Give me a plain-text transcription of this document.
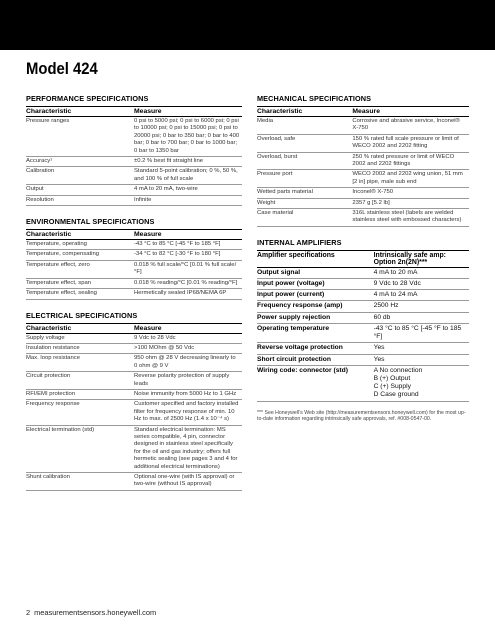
Model 424
PERFORMANCE SPECIFICATIONS
Characteristic	Measure
Pressure ranges	0 psi to 5000 psi; 0 psi to 6000 psi; 0 psi to 10000 psi; 0 psi to 15000 psi; 0 psi to 20000 psi; 0 bar to 350 bar; 0 bar to 400 bar; 0 bar to 700 bar; 0 bar to 1000 bar; 0 bar to 1350 bar
Accuracy¹	±0.2 % best fit straight line
Calibration	Standard 5-point calibration; 0 %, 50 %, and 100 % of full scale
Output	4 mA to 20 mA, two-wire
Resolution	Infinite
ENVIRONMENTAL SPECIFICATIONS
Characteristic	Measure
Temperature, operating	-43 °C to 85 °C [-45 °F to 185 °F]
Temperature, compensating	-34 °C to 82 °C [-30 °F to 180 °F]
Temperature effect, zero	0.018 % full scale/°C [0.01 % full scale/°F]
Temperature effect, span	0.018 % reading/°C [0.01 % reading/°F]
Temperature effect, sealing	Hermetically sealed IP68/NEMA 6P
ELECTRICAL SPECIFICATIONS
Characteristic	Measure
Supply voltage	9 Vdc to 28 Vdc
Insulation resistance	>100 MOhm @ 50 Vdc
Max. loop resistance	950 ohm @ 28 V decreasing linearly to 0 ohm @ 9 V
Circuit protection	Reverse polarity protection of supply leads
RFI/EMI protection	Noise immunity from 5000 Hz to 1 GHz
Frequency response	Customer specified and factory installed filter for frequency response of min. 10 Hz to max. of 2500 Hz (1.4 x 10⁻⁴ s)
Electrical termination (std)	Standard electrical termination: MS series compatible, 4 pin, connector designed in stainless steel specifically for the oil and gas industry; offers full hermetic sealing (see pages 3 and 4 for additional electrical terminations)
Shunt calibration	Optional one-wire (with IS approval) or two-wire (without IS approval)
MECHANICAL SPECIFICATIONS
Characteristic	Measure
Media	Corrosive and abrasive service, Inconel® X-750
Overload, safe	150 % rated full scale pressure or limit of WECO 2002 and 2202 fitting
Overload, burst	250 % rated pressure or limit of WECO 2002 and 2202 fittings
Pressure port	WECO 2002 and 2202 wing union, 51 mm [2 in] pipe, male sub end
Wetted parts material	Inconel® X-750
Weight	2357 g [5.2 lb]
Case material	316L stainless steel (labels are welded stainless steel with embossed characters)
INTERNAL AMPLIFIERS
Amplifier specifications	Intrinsically safe amp: Option 2n(2N)***
Output signal	4 mA to 20 mA
Input power (voltage)	9 Vdc to 28 Vdc
Input power (current)	4 mA to 24 mA
Frequency response (amp)	2500 Hz
Power supply rejection	60 db
Operating temperature	-43 °C to 85 °C [-45 °F to 185 °F]
Reverse voltage protection	Yes
Short circuit protection	Yes
Wiring code: connector (std)	A No connection
B (+) Output
C (+) Supply
D Case ground
*** See Honeywell’s Web site (http://measurementsensors.honeywell.com) for the most up-to-date information regarding intrinsically safe approvals, ref. #008-0547-00.
2 measurementsensors.honeywell.com
